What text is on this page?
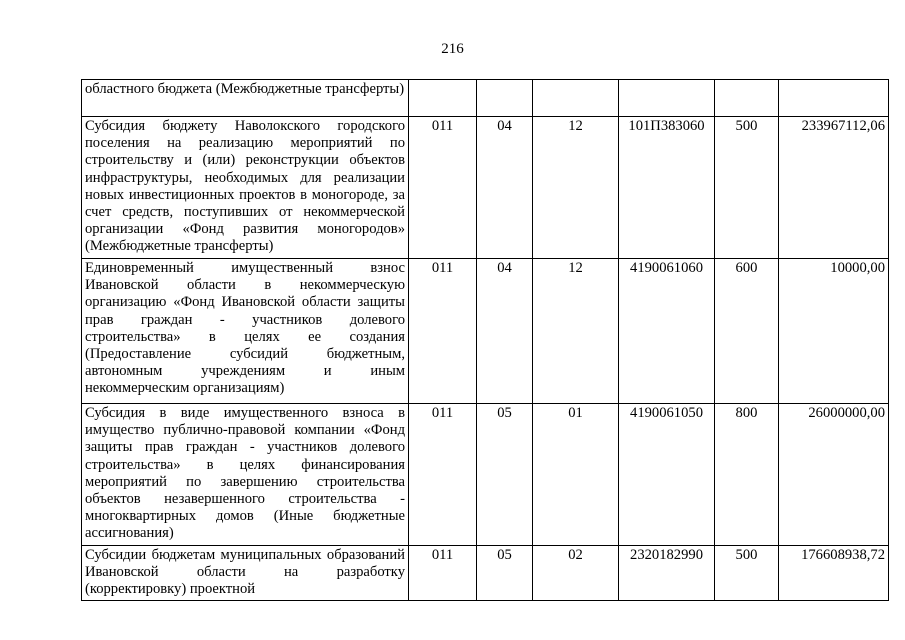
216
областного бюджета (Межбюджетные трансферты)						
Субсидия бюджету Наволокского городского поселения на реализацию мероприятий по строительству и (или) реконструкции объектов инфраструктуры, необходимых для реализации новых инвестиционных проектов в моногороде, за счет средств, поступивших от некоммерческой организации «Фонд развития моногородов» (Межбюджетные трансферты)	011	04	12	101П383060	500	233967112,06
Единовременный имущественный взнос Ивановской области в некоммерческую организацию «Фонд Ивановской области защиты прав граждан - участников долевого строительства» в целях ее создания (Предоставление субсидий бюджетным, автономным учреждениям и иным некоммерческим организациям)	011	04	12	4190061060	600	10000,00
Субсидия в виде имущественного взноса в имущество публично-правовой компании «Фонд защиты прав граждан - участников долевого строительства» в целях финансирования мероприятий по завершению строительства объектов незавершенного строительства - многоквартирных домов (Иные бюджетные ассигнования)	011	05	01	4190061050	800	26000000,00
Субсидии бюджетам муниципальных образований Ивановской области на разработку (корректировку) проектной	011	05	02	2320182990	500	176608938,72
